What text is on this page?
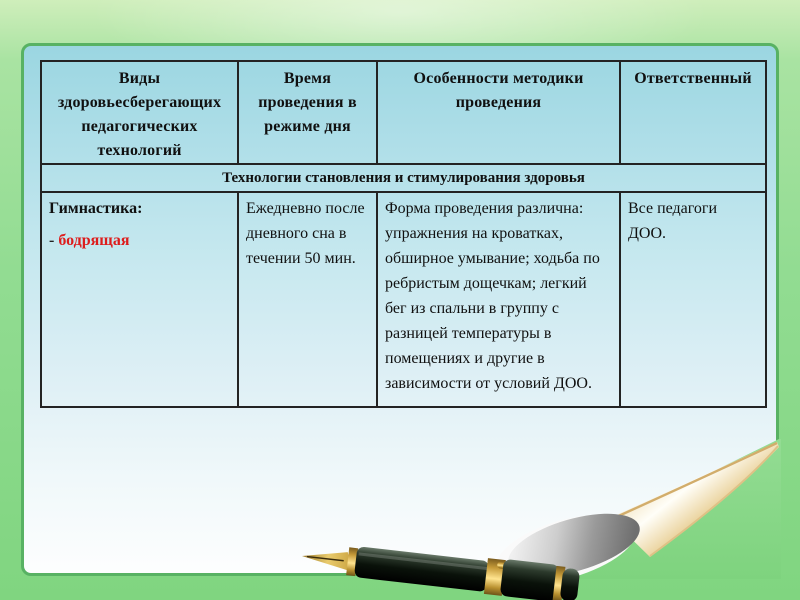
Виды здоровьесберегающих педагогических технологий	Время проведения в режиме дня	Особенности методики проведения	Ответственный
Технологии становления и стимулирования здоровья			

Гимнастика:

- бодрящая	Ежедневно после дневного сна в течении 50 мин.	Форма проведения различна: упражнения на кроватках, обширное умывание; ходьба по ребристым дощечкам; легкий бег из спальни в группу с разницей температуры в помещениях и другие в зависимости от условий ДОО.	Все педагоги ДОО.
